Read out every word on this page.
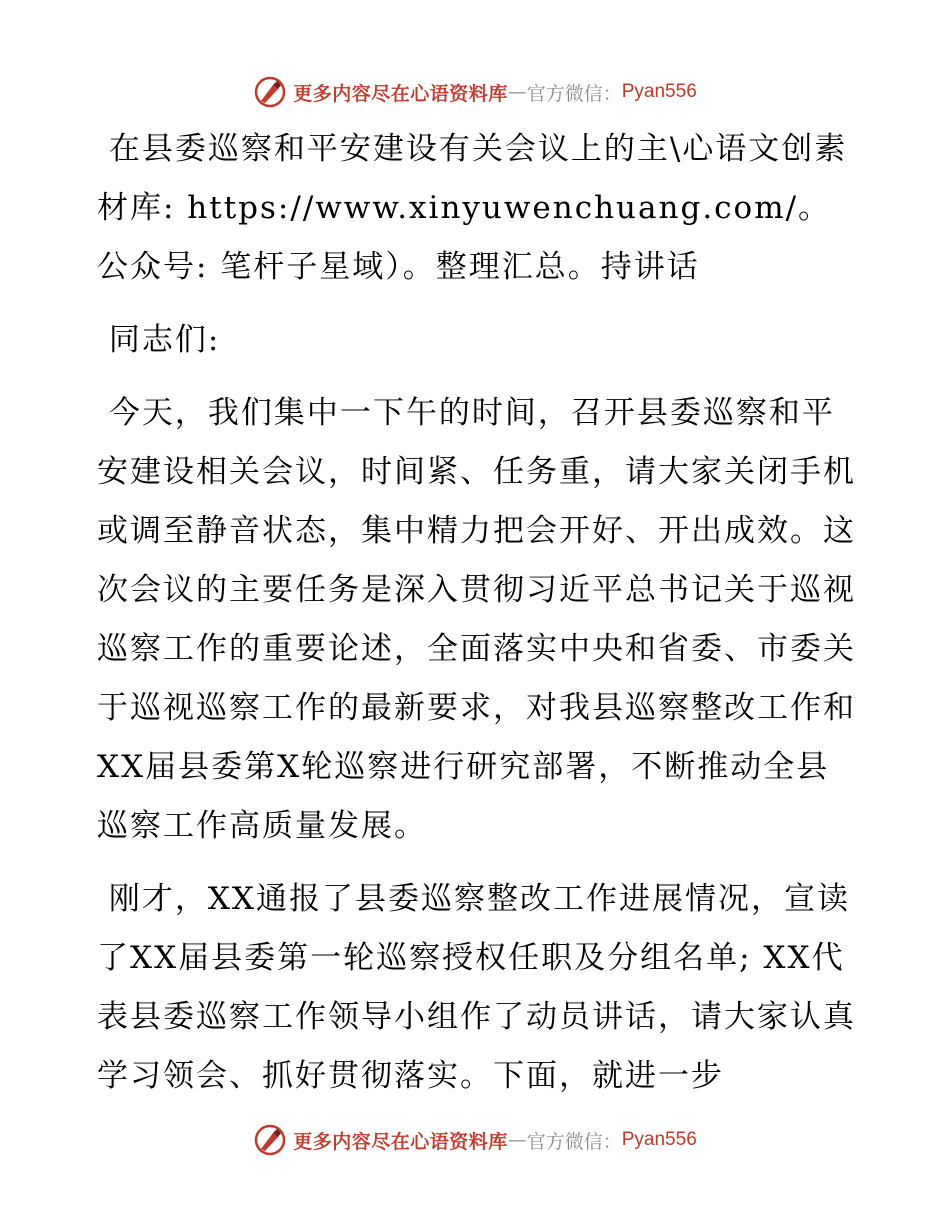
更多内容尽在心语资料库 — 官方微信： Pyan556

在县委巡察和平安建设有关会议上的主\心语文创素材库: https://www.xinyuwenchuang.com/。公众号: 笔杆子星域）。整理汇总。持讲话

同志们:

今天，我们集中一下午的时间，召开县委巡察和平安建设相关会议，时间紧、任务重，请大家关闭手机或调至静音状态，集中精力把会开好、开出成效。这次会议的主要任务是深入贯彻习近平总书记关于巡视巡察工作的重要论述，全面落实中央和省委、市委关于巡视巡察工作的最新要求，对我县巡察整改工作和XX届县委第X轮巡察进行研究部署，不断推动全县巡察工作高质量发展。

刚才，XX通报了县委巡察整改工作进展情况，宣读了XX届县委第一轮巡察授权任职及分组名单; XX代表县委巡察工作领导小组作了动员讲话，请大家认真学习领会、抓好贯彻落实。下面，就进一步

更多内容尽在心语资料库 — 官方微信： Pyan556
